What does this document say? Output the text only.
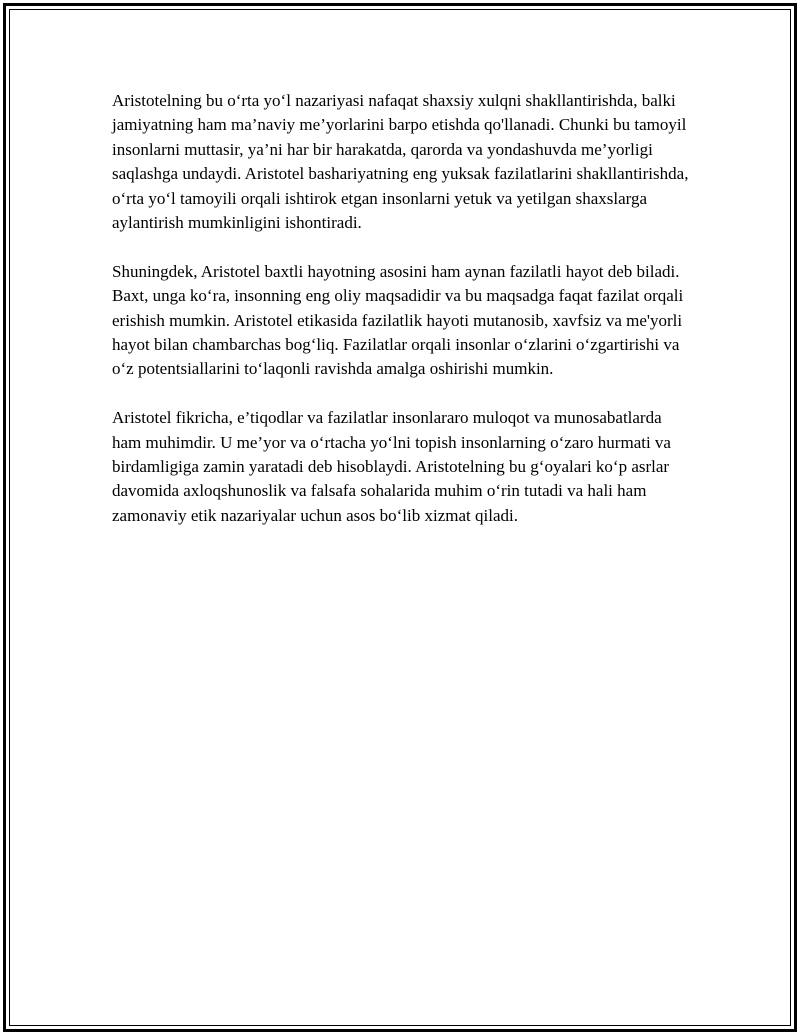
Aristotelning bu o‘rta yo‘l nazariyasi nafaqat shaxsiy xulqni shakllantirishda, balki jamiyatning ham ma’naviy me’yorlarini barpo etishda qo'llanadi. Chunki bu tamoyil insonlarni muttasir, ya’ni har bir harakatda, qarorda va yondashuvda me’yorligi saqlashga undaydi. Aristotel bashariyatning eng yuksak fazilatlarini shakllantirishda, o‘rta yo‘l tamoyili orqali ishtirok etgan insonlarni yetuk va yetilgan shaxslarga aylantirish mumkinligini ishontiradi.

Shuningdek, Aristotel baxtli hayotning asosini ham aynan fazilatli hayot deb biladi. Baxt, unga ko‘ra, insonning eng oliy maqsadidir va bu maqsadga faqat fazilat orqali erishish mumkin. Aristotel etikasida fazilatlik hayoti mutanosib, xavfsiz va me'yorli hayot bilan chambarchas bog‘liq. Fazilatlar orqali insonlar o‘zlarini o‘zgartirishi va o‘z potentsiallarini to‘laqonli ravishda amalga oshirishi mumkin.

Aristotel fikricha, e’tiqodlar va fazilatlar insonlararo muloqot va munosabatlarda ham muhimdir. U me’yor va o‘rtacha yo‘lni topish insonlarning o‘zaro hurmati va birdamligiga zamin yaratadi deb hisoblaydi. Aristotelning bu g‘oyalari ko‘p asrlar davomida axloqshunoslik va falsafa sohalarida muhim o‘rin tutadi va hali ham zamonaviy etik nazariyalar uchun asos bo‘lib xizmat qiladi.
